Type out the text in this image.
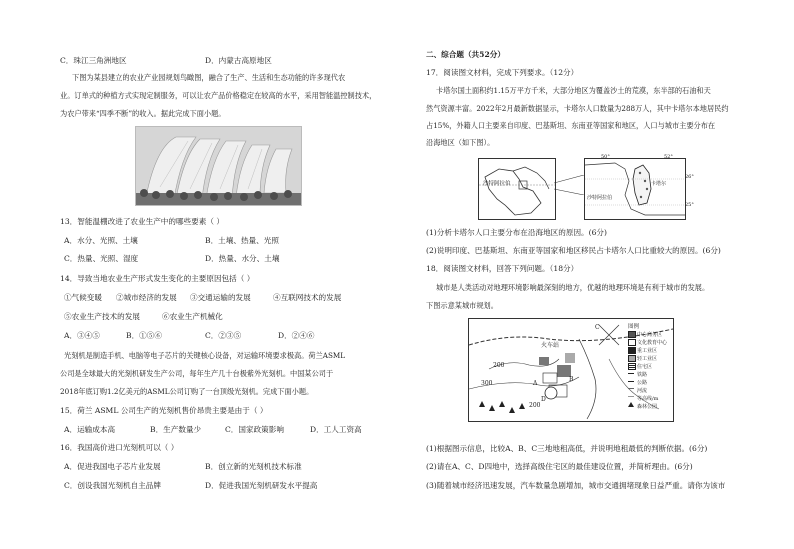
C．珠江三角洲地区	D．内蒙古高原地区
下图为某县建立的农业产业园规划鸟瞰图，融合了生产、生活和生态功能的许多现代农
业。订单式的种植方式实现定制服务，可以让农产品价格稳定在较高的水平，采用智能温控制技术，
为农户带来“四季不断”的收入。据此完成下面小题。
13．智能温棚改进了农业生产中的哪些要素（ ）
A．水分、光照、土壤	B．土壤、热量、光照
C．热量、光照、湿度	D．热量、水分、土壤
14．导致当地农业生产形式发生变化的主要原因包括（ ）
①气候变暖 ②城市经济的发展 ③交通运输的发展	④互联网技术的发展
⑤农业生产技术的发展	⑥农业生产机械化
A．③④⑤	B．①⑤⑥	C．②③⑤	D．②④⑥
光刻机是制造手机、电脑等电子芯片的关键核心设备，对运输环境要求极高。荷兰ASML
公司是全球最大的光刻机研发生产公司，每年生产几十台极紫外光刻机。中国某公司于
2018年底订购1.2亿美元的ASML公司订购了一台顶级光刻机。完成下面小题。
15．荷兰 ASML 公司生产的光刻机售价昂贵主要是由于（ ）
A．运输成本高	B．生产数量少	C．国家政策影响	D．工人工资高
16．我国高价进口光刻机可以（ ）
A．促进我国电子芯片业发展	B．创立新的光刻机技术标准
C．创设我国光刻机自主品牌	D．促进我国光刻机研发水平提高
二、综合题（共52分）
17．阅读图文材料，完成下列要求。（12分）
卡塔尔国土面积约1.15万平方千米，大部分地区为覆盖沙土的荒漠，东半部的石油和天
然气资源丰富。2022年2月最新数据显示，卡塔尔人口数量为288万人，其中卡塔尔本地居民约
占15%，外籍人口主要来自印度、巴基斯坦、东南亚等国家和地区，人口与城市主要分布在
沿海地区（如下图）。
沙特阿拉伯
沙特阿拉伯
卡塔尔
50°	52°
26°
25°
(1)分析卡塔尔人口主要分布在沿海地区的原因。(6分)
(2)说明印度、巴基斯坦、东南亚等国家和地区移民占卡塔尔人口比重较大的原因。(6分)
18．阅读图文材料，回答下列问题。（18分）
城市是人类活动对地理环境影响最深刻的地方，优越的地理环境是有利于城市的发展。
下图示意某城市规划。
火车站
200
300
200
C
A
B
D
图例
中心商务区
文化教育中心
重工业区
轻工业区
住宅区
铁路
公路
河流
等高线/m
森林公园
(1)根据图示信息，比较A、B、C三地地租高低，并说明地租最低的判断依据。(6分)
(2)请在A、C、D四地中，选择高级住宅区的最佳建设位置，并简析理由。(6分)
(3)随着城市经济迅速发展，汽车数量急剧增加，城市交通拥堵现象日益严重。请你为该市
